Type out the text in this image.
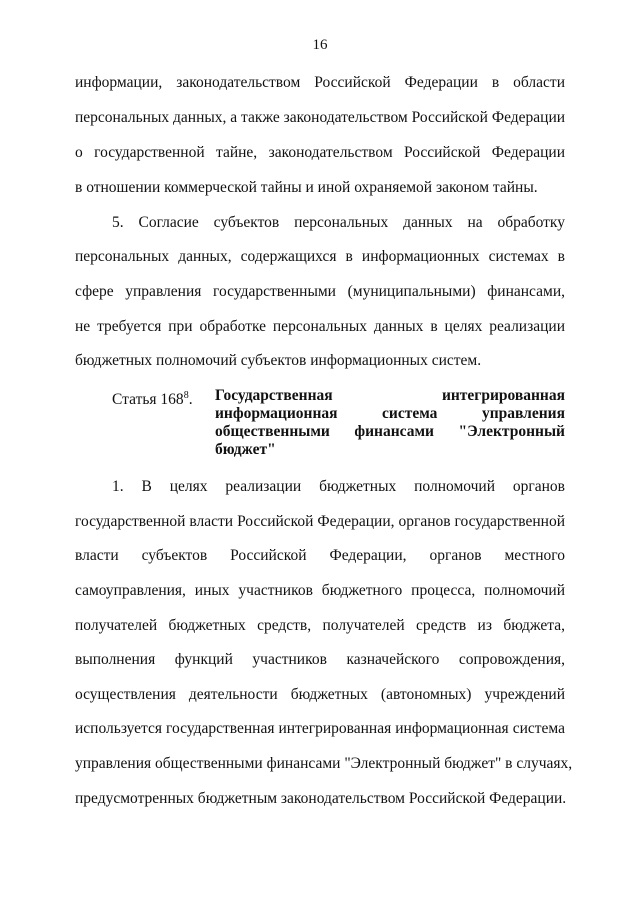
16
информации, законодательством Российской Федерации в области
персональных данных, а также законодательством Российской Федерации
о государственной тайне, законодательством Российской Федерации
в отношении коммерческой тайны и иной охраняемой законом тайны.
5. Согласие субъектов персональных данных на обработку
персональных данных, содержащихся в информационных системах в
сфере управления государственными (муниципальными) финансами,
не требуется при обработке персональных данных в целях реализации
бюджетных полномочий субъектов информационных систем.
Статья $168^8$. Государственная интегрированная
информационная система управления
общественными финансами "Электронный
бюджет"
1. В целях реализации бюджетных полномочий органов
государственной власти Российской Федерации, органов государственной
власти субъектов Российской Федерации, органов местного
самоуправления, иных участников бюджетного процесса, полномочий
получателей бюджетных средств, получателей средств из бюджета,
выполнения функций участников казначейского сопровождения,
осуществления деятельности бюджетных (автономных) учреждений
используется государственная интегрированная информационная система
управления общественными финансами "Электронный бюджет" в случаях,
предусмотренных бюджетным законодательством Российской Федерации.
